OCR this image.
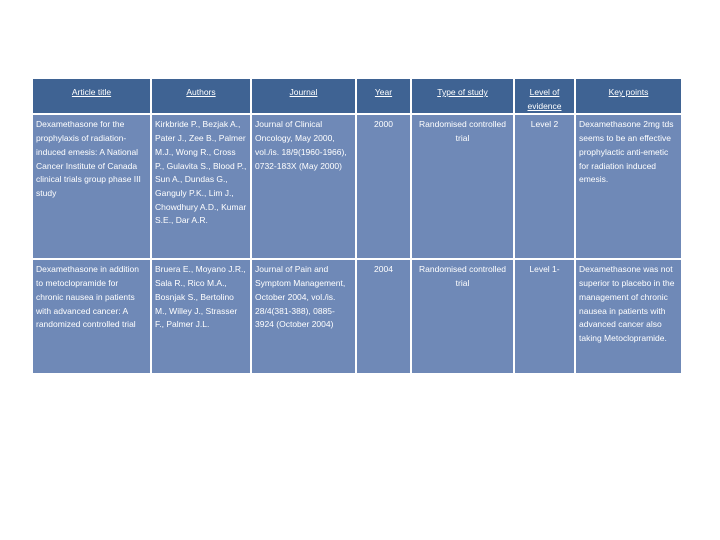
Article title	Authors	Journal	Year	Type of study	Level of evidence	Key points
Dexamethasone for the prophylaxis of radiation-induced emesis: A National Cancer Institute of Canada clinical trials group phase III study	Kirkbride P., Bezjak A., Pater J., Zee B., Palmer M.J., Wong R., Cross P., Gulavita S., Blood P., Sun A., Dundas G., Ganguly P.K., Lim J., Chowdhury A.D., Kumar S.E., Dar A.R.	Journal of Clinical Oncology, May 2000, vol./is. 18/9(1960-1966), 0732-183X (May 2000)	2000	Randomised controlled trial	Level 2	Dexamethasone 2mg tds seems to be an effective prophylactic anti-emetic for radiation induced emesis.
Dexamethasone in addition to metoclopramide for chronic nausea in patients with advanced cancer: A randomized controlled trial	Bruera E., Moyano J.R., Sala R., Rico M.A., Bosnjak S., Bertolino M., Willey J., Strasser F., Palmer J.L.	Journal of Pain and Symptom Management, October 2004, vol./is. 28/4(381-388), 0885-3924 (October 2004)	2004	Randomised controlled trial	Level 1-	Dexamethasone was not superior to placebo in the management of chronic nausea in patients with advanced cancer also taking Metoclopramide.
